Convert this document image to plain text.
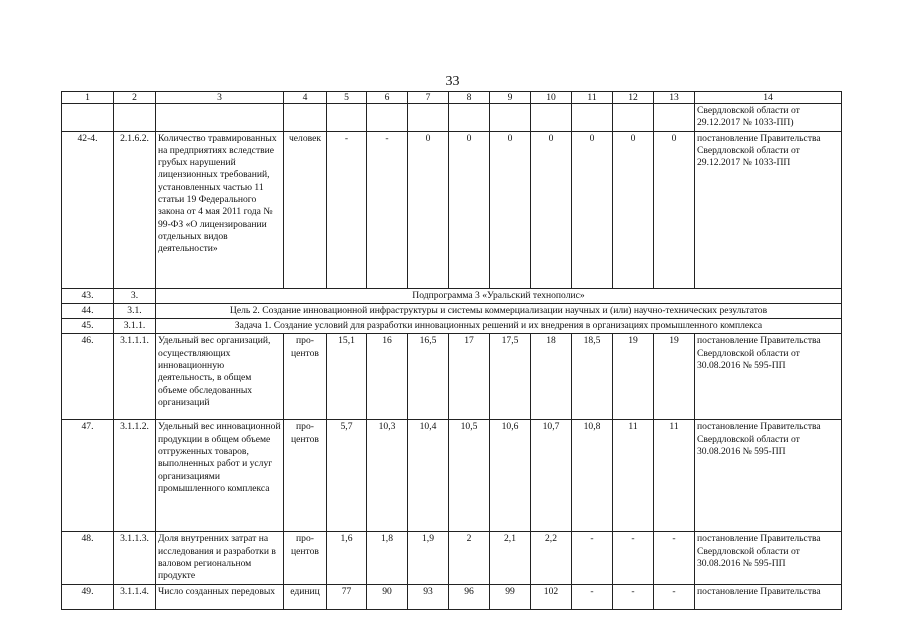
33
1	2	3	4	5	6	7	8	9	10	11	12	13	14
													Свердловской области от 29.12.2017 № 1033-ПП)
42-4.	2.1.6.2.	Количество травмированных на предприятиях вследствие грубых нарушений лицензионных требований, установленных частью 11 статьи 19 Федерального закона от 4 мая 2011 года № 99-ФЗ «О лицензировании отдельных видов деятельности»	человек	-	-	0	0	0	0	0	0	0	постановление Правительства Свердловской области от 29.12.2017 № 1033-ПП
43.	3.	Подпрограмма 3 «Уральский технополис»											
44.	3.1.	Цель 2. Создание инновационной инфраструктуры и системы коммерциализации научных и (или) научно-технических результатов											
45.	3.1.1.	Задача 1. Создание условий для разработки инновационных решений и их внедрения в организациях промышленного комплекса											
46.	3.1.1.1.	Удельный вес организаций, осуществляющих инновационную деятельность, в общем объеме обследованных организаций	про-центов	15,1	16	16,5	17	17,5	18	18,5	19	19	постановление Правительства Свердловской области от 30.08.2016 № 595-ПП
47.	3.1.1.2.	Удельный вес инновационной продукции в общем объеме отгруженных товаров, выполненных работ и услуг организациями промышленного комплекса	про-центов	5,7	10,3	10,4	10,5	10,6	10,7	10,8	11	11	постановление Правительства Свердловской области от 30.08.2016 № 595-ПП
48.	3.1.1.3.	Доля внутренних затрат на исследования и разработки в валовом региональном продукте	про-центов	1,6	1,8	1,9	2	2,1	2,2	-	-	-	постановление Правительства Свердловской области от 30.08.2016 № 595-ПП
49.	3.1.1.4.	Число созданных передовых	единиц	77	90	93	96	99	102	-	-	-	постановление Правительства
